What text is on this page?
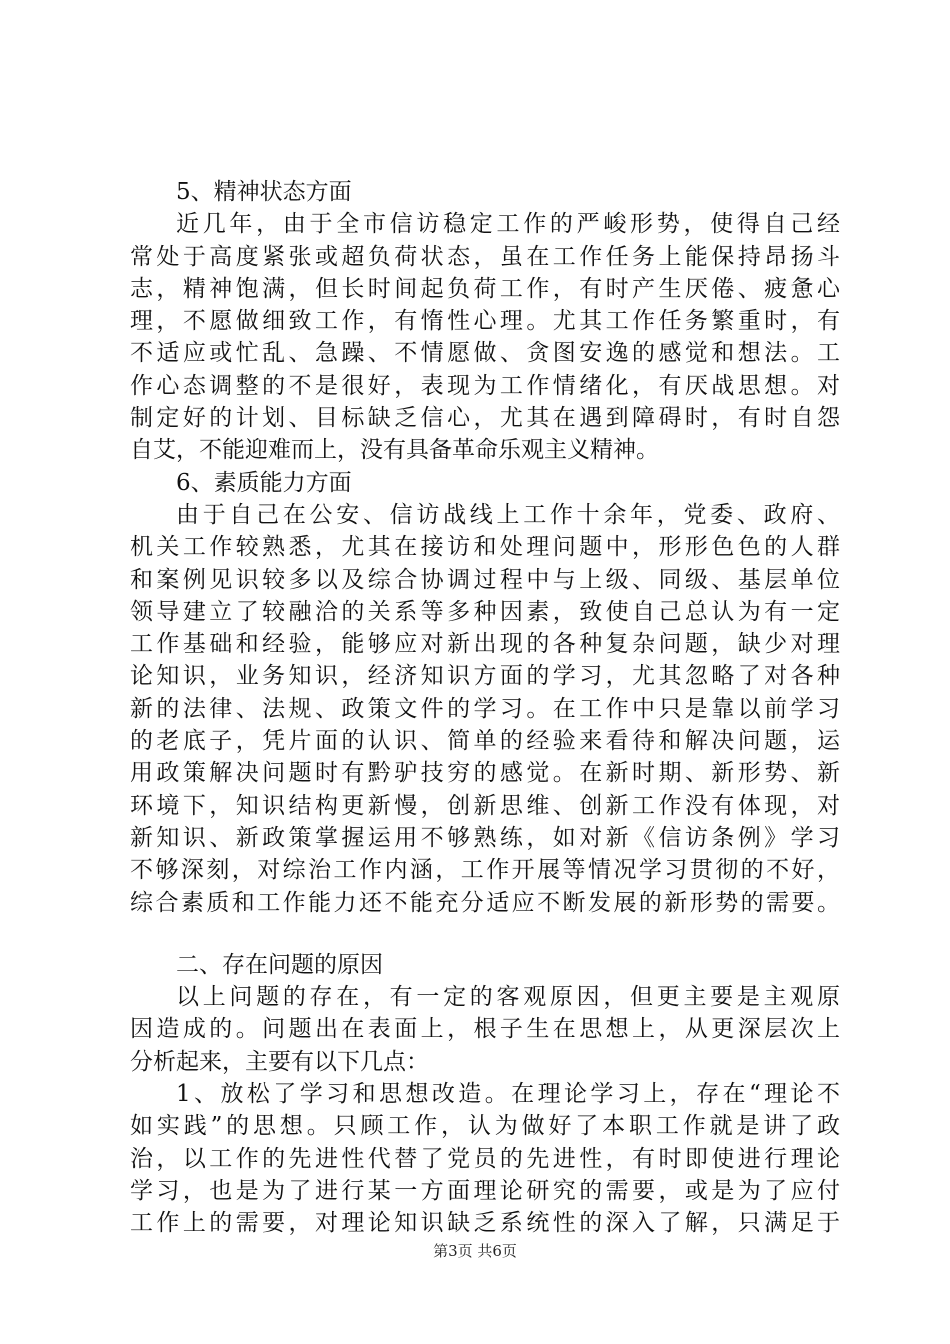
5、精神状态方面
近几年，由于全市信访稳定工作的严峻形势，使得自己经
常处于高度紧张或超负荷状态，虽在工作任务上能保持昂扬斗
志，精神饱满，但长时间起负荷工作，有时产生厌倦、疲惫心
理，不愿做细致工作，有惰性心理。尤其工作任务繁重时，有
不适应或忙乱、急躁、不情愿做、贪图安逸的感觉和想法。工
作心态调整的不是很好，表现为工作情绪化，有厌战思想。对
制定好的计划、目标缺乏信心，尤其在遇到障碍时，有时自怨
自艾，不能迎难而上，没有具备革命乐观主义精神。
6、素质能力方面
由于自己在公安、信访战线上工作十余年，党委、政府、
机关工作较熟悉，尤其在接访和处理问题中，形形色色的人群
和案例见识较多以及综合协调过程中与上级、同级、基层单位
领导建立了较融洽的关系等多种因素，致使自己总认为有一定
工作基础和经验，能够应对新出现的各种复杂问题，缺少对理
论知识，业务知识，经济知识方面的学习，尤其忽略了对各种
新的法律、法规、政策文件的学习。在工作中只是靠以前学习
的老底子，凭片面的认识、简单的经验来看待和解决问题，运
用政策解决问题时有黔驴技穷的感觉。在新时期、新形势、新
环境下，知识结构更新慢，创新思维、创新工作没有体现，对
新知识、新政策掌握运用不够熟练，如对新《信访条例》学习
不够深刻，对综治工作内涵，工作开展等情况学习贯彻的不好，
综合素质和工作能力还不能充分适应不断发展的新形势的需要。
二、存在问题的原因
以上问题的存在，有一定的客观原因，但更主要是主观原
因造成的。问题出在表面上，根子生在思想上，从更深层次上
分析起来，主要有以下几点：
1、放松了学习和思想改造。在理论学习上，存在“理论不
如实践”的思想。只顾工作，认为做好了本职工作就是讲了政
治，以工作的先进性代替了党员的先进性，有时即使进行理论
学习，也是为了进行某一方面理论研究的需要，或是为了应付
工作上的需要，对理论知识缺乏系统性的深入了解，只满足于
第3页 共6页
